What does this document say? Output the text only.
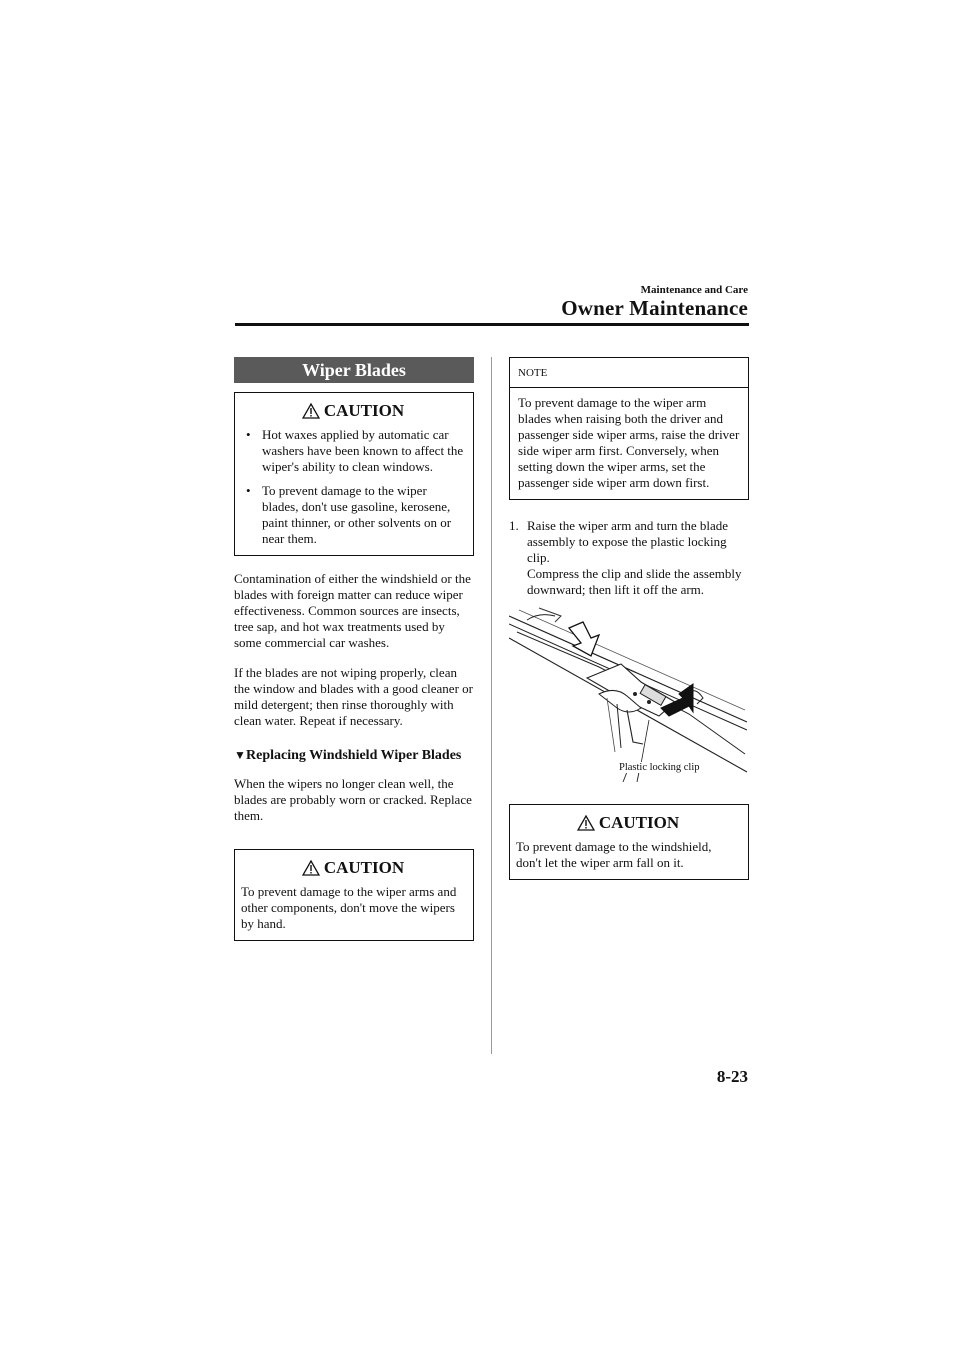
Maintenance and Care
Owner Maintenance
Wiper Blades
CAUTION
• Hot waxes applied by automatic car washers have been known to affect the wiper's ability to clean windows.
• To prevent damage to the wiper blades, don't use gasoline, kerosene, paint thinner, or other solvents on or near them.

Contamination of either the windshield or the blades with foreign matter can reduce wiper effectiveness. Common sources are insects, tree sap, and hot wax treatments used by some commercial car washes.

If the blades are not wiping properly, clean the window and blades with a good cleaner or mild detergent; then rinse thoroughly with clean water. Repeat if necessary.

▼ Replacing Windshield Wiper Blades

When the wipers no longer clean well, the blades are probably worn or cracked. Replace them.

CAUTION

To prevent damage to the wiper arms and other components, don't move the wipers by hand.

NOTE

To prevent damage to the wiper arm blades when raising both the driver and passenger side wiper arms, raise the driver side wiper arm first. Conversely, when setting down the wiper arms, set the passenger side wiper arm down first.

1. Raise the wiper arm and turn the blade assembly to expose the plastic locking clip.
Compress the clip and slide the assembly downward; then lift it off the arm.
Plastic locking clip
CAUTION

To prevent damage to the windshield, don't let the wiper arm fall on it.

8-23
